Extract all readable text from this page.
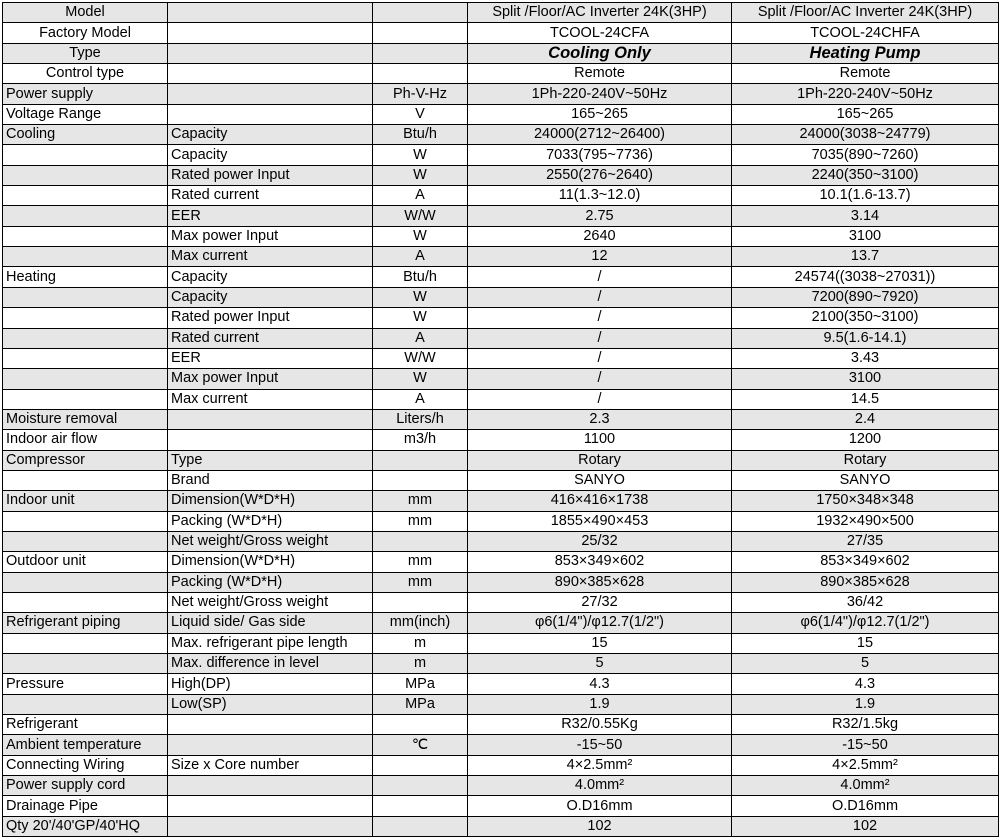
Model			Split /Floor/AC Inverter 24K(3HP)	Split /Floor/AC Inverter 24K(3HP)
Factory Model			TCOOL-24CFA	TCOOL-24CHFA
Type			Cooling Only	Heating Pump
Control type			Remote	Remote
Power supply		Ph-V-Hz	1Ph-220-240V~50Hz	1Ph-220-240V~50Hz
Voltage Range		V	165~265	165~265
Cooling	Capacity	Btu/h	24000(2712~26400)	24000(3038~24779)
	Capacity	W	7033(795~7736)	7035(890~7260)
	Rated power Input	W	2550(276~2640)	2240(350~3100)
	Rated current	A	11(1.3~12.0)	10.1(1.6-13.7)
	EER	W/W	2.75	3.14
	Max power Input	W	2640	3100
	Max current	A	12	13.7
Heating	Capacity	Btu/h	/	24574((3038~27031))
	Capacity	W	/	7200(890~7920)
	Rated power Input	W	/	2100(350~3100)
	Rated current	A	/	9.5(1.6-14.1)
	EER	W/W	/	3.43
	Max power Input	W	/	3100
	Max current	A	/	14.5
Moisture removal		Liters/h	2.3	2.4
Indoor air flow		m3/h	1100	1200
Compressor	Type		Rotary	Rotary
	Brand		SANYO	SANYO
Indoor unit	Dimension(W*D*H)	mm	416×416×1738	1750×348×348
	Packing (W*D*H)	mm	1855×490×453	1932×490×500
	Net weight/Gross weight		25/32	27/35
Outdoor unit	Dimension(W*D*H)	mm	853×349×602	853×349×602
	Packing (W*D*H)	mm	890×385×628	890×385×628
	Net weight/Gross weight		27/32	36/42
Refrigerant piping	Liquid side/ Gas side	mm(inch)	φ6(1/4")/φ12.7(1/2")	φ6(1/4")/φ12.7(1/2")
	Max. refrigerant pipe length	m	15	15
	Max. difference in level	m	5	5
Pressure	High(DP)	MPa	4.3	4.3
	Low(SP)	MPa	1.9	1.9
Refrigerant			R32/0.55Kg	R32/1.5kg
Ambient temperature		℃	-15~50	-15~50
Connecting Wiring	Size x Core number		4×2.5mm²	4×2.5mm²
Power supply cord			4.0mm²	4.0mm²
Drainage Pipe			O.D16mm	O.D16mm
Qty 20'/40'GP/40'HQ			102	102
